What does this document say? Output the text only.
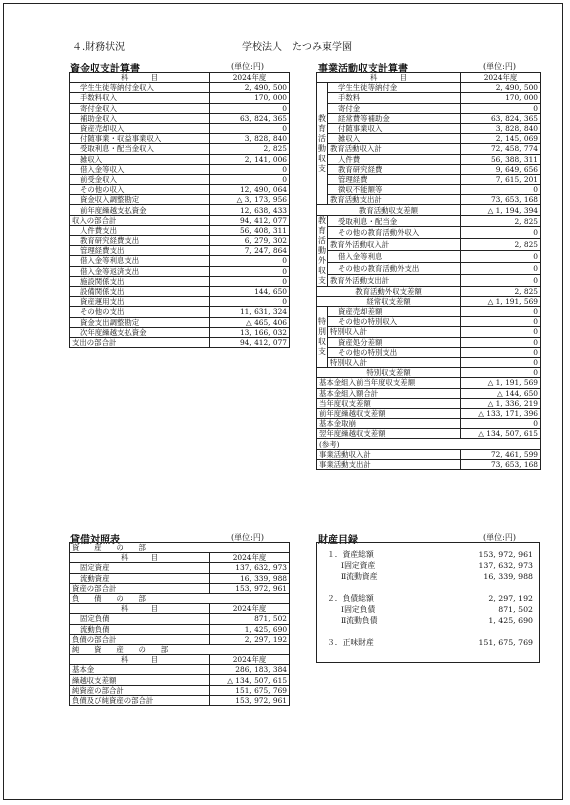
４.財務状況	学校法人　たつみ東学園
資金収支計算書	(単位:円)
科　　　目	2024年度
学生生徒等納付金収入	2, 490, 500
手数料収入	170, 000
寄付金収入	0
補助金収入	63, 824, 365
資産売却収入	0
付随事業・収益事業収入	3, 828, 840
受取利息・配当金収入	2, 825
雑収入	2, 141, 006
借入金等収入	0
前受金収入	0
その他の収入	12, 490, 064
資金収入調整勘定	△ 3, 173, 956
前年度繰越支払資金	12, 638, 433
収入の部合計	94, 412, 077
人件費支出	56, 408, 311
教育研究経費支出	6, 279, 302
管理経費支出	7, 247, 864
借入金等利息支出	0
借入金等返済支出	0
施設関係支出	0
設備関係支出	144, 650
資産運用支出	0
その他の支出	11, 631, 324
資金支出調整勘定	△ 465, 406
次年度繰越支払資金	13, 166, 032
支出の部合計	94, 412, 077
事業活動収支計算書	(単位:円)
科　　　目		2024年度
教育活動収支	学生生徒等納付金	2, 490, 500
	手数料	170, 000
	寄付金	0
	経常費等補助金	63, 824, 365
	付随事業収入	3, 828, 840
	雑収入	2, 145, 069
	教育活動収入計	72, 458, 774
	人件費	56, 388, 311
	教育研究経費	9, 649, 656
	管理経費	7, 615, 201
	徴収不能額等	0
	教育活動支出計	73, 653, 168
教育活動収支差額		△ 1, 194, 394
教育活動外収支	受取利息・配当金	2, 825
	その他の教育活動外収入	0
	教育外活動収入計	2, 825
	借入金等利息	0
	その他の教育活動外支出	0
	教育外活動支出計	0
教育活動外収支差額		2, 825
経常収支差額		△ 1, 191, 569
特別収支	資産売却差額	0
	その他の特別収入	0
	特別収入計	0
	資産処分差額	0
	その他の特別支出	0
	特別収入計	0
特別収支差額		0
基本金組入前当年度収支差額		△ 1, 191, 569
基本金組入額合計		△ 144, 650
当年度収支差額		△ 1, 336, 219
前年度繰越収支差額		△ 133, 171, 396
基本金取崩		0
翌年度繰越収支差額		△ 134, 507, 615
(参考)		
事業活動収入計		72, 461, 599
事業活動支出計		73, 653, 168
貸借対照表	(単位:円)
資　　産　　の　　部	
科　　　目	2024年度
固定資産	137, 632, 973
流動資産	16, 339, 988
資産の部合計	153, 972, 961
負　　債　　の　　部	
科　　　目	2024年度
固定負債	871, 502
流動負債	1, 425, 690
負債の部合計	2, 297, 192
純　　資　　産　　の　　部	
科　　　目	2024年度
基本金	286, 183, 384
繰越収支差額	△ 134, 507, 615
純資産の部合計	151, 675, 769
負債及び純資産の部合計	153, 972, 961
財産目録	(単位:円)
１．資産総額	153, 972, 961
Ⅰ固定資産	137, 632, 973
Ⅱ流動資産	16, 339, 988

２．負債総額	2, 297, 192
Ⅰ固定負債	871, 502
Ⅱ流動負債	1, 425, 690

３．正味財産	151, 675, 769
